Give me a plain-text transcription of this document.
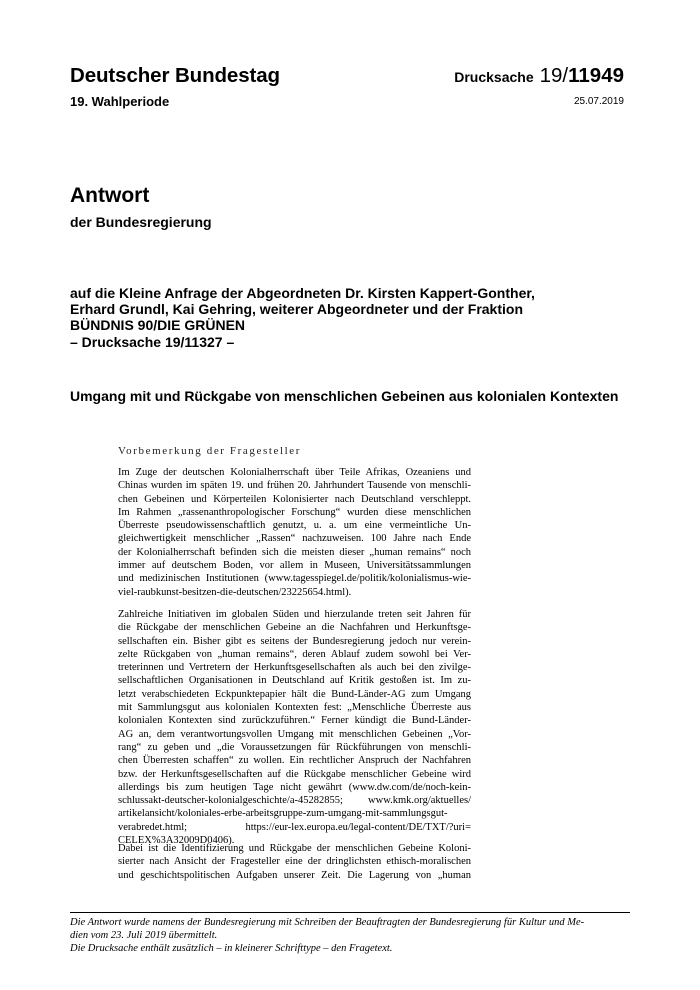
Deutscher Bundestag
19. Wahlperiode
Drucksache 19/11949
25.07.2019
Antwort
der Bundesregierung
auf die Kleine Anfrage der Abgeordneten Dr. Kirsten Kappert-Gonther,
Erhard Grundl, Kai Gehring, weiterer Abgeordneter und der Fraktion
BÜNDNIS 90/DIE GRÜNEN
– Drucksache 19/11327 –
Umgang mit und Rückgabe von menschlichen Gebeinen aus kolonialen Kontexten
Vorbemerkung der Fragesteller
Im Zuge der deutschen Kolonialherrschaft über Teile Afrikas, Ozeaniens und
Chinas wurden im späten 19. und frühen 20. Jahrhundert Tausende von menschli-
chen Gebeinen und Körperteilen Kolonisierter nach Deutschland verschleppt.
Im Rahmen „rassenanthropologischer Forschung“ wurden diese menschlichen
Überreste pseudowissenschaftlich genutzt, u. a. um eine vermeintliche Un-
gleichwertigkeit menschlicher „Rassen“ nachzuweisen. 100 Jahre nach Ende
der Kolonialherrschaft befinden sich die meisten dieser „human remains“ noch
immer auf deutschem Boden, vor allem in Museen, Universitätssammlungen
und medizinischen Institutionen (www.tagesspiegel.de/politik/kolonialismus-wie-
viel-raubkunst-besitzen-die-deutschen/23225654.html).
Zahlreiche Initiativen im globalen Süden und hierzulande treten seit Jahren für
die Rückgabe der menschlichen Gebeine an die Nachfahren und Herkunftsge-
sellschaften ein. Bisher gibt es seitens der Bundesregierung jedoch nur verein-
zelte Rückgaben von „human remains“, deren Ablauf zudem sowohl bei Ver-
treterinnen und Vertretern der Herkunftsgesellschaften als auch bei den zivilge-
sellschaftlichen Organisationen in Deutschland auf Kritik gestoßen ist. Im zu-
letzt verabschiedeten Eckpunktepapier hält die Bund-Länder-AG zum Umgang
mit Sammlungsgut aus kolonialen Kontexten fest: „Menschliche Überreste aus
kolonialen Kontexten sind zurückzuführen.“ Ferner kündigt die Bund-Länder-
AG an, dem verantwortungsvollen Umgang mit menschlichen Gebeinen „Vor-
rang“ zu geben und „die Voraussetzungen für Rückführungen von menschli-
chen Überresten schaffen“ zu wollen. Ein rechtlicher Anspruch der Nachfahren
bzw. der Herkunftsgesellschaften auf die Rückgabe menschlicher Gebeine wird
allerdings bis zum heutigen Tage nicht gewährt (www.dw.com/de/noch-kein-
schlussakt-deutscher-kolonialgeschichte/a-45282855; www.kmk.org/aktuelles/
artikelansicht/koloniales-erbe-arbeitsgruppe-zum-umgang-mit-sammlungsgut-
verabredet.html; https://eur-lex.europa.eu/legal-content/DE/TXT/?uri=
CELEX%3A32009D0406).
Dabei ist die Identifizierung und Rückgabe der menschlichen Gebeine Koloni-
sierter nach Ansicht der Fragesteller eine der dringlichsten ethisch-moralischen
und geschichtspolitischen Aufgaben unserer Zeit. Die Lagerung von „human
Die Antwort wurde namens der Bundesregierung mit Schreiben der Beauftragten der Bundesregierung für Kultur und Me-
dien vom 23. Juli 2019 übermittelt.
Die Drucksache enthält zusätzlich – in kleinerer Schrifttype – den Fragetext.
